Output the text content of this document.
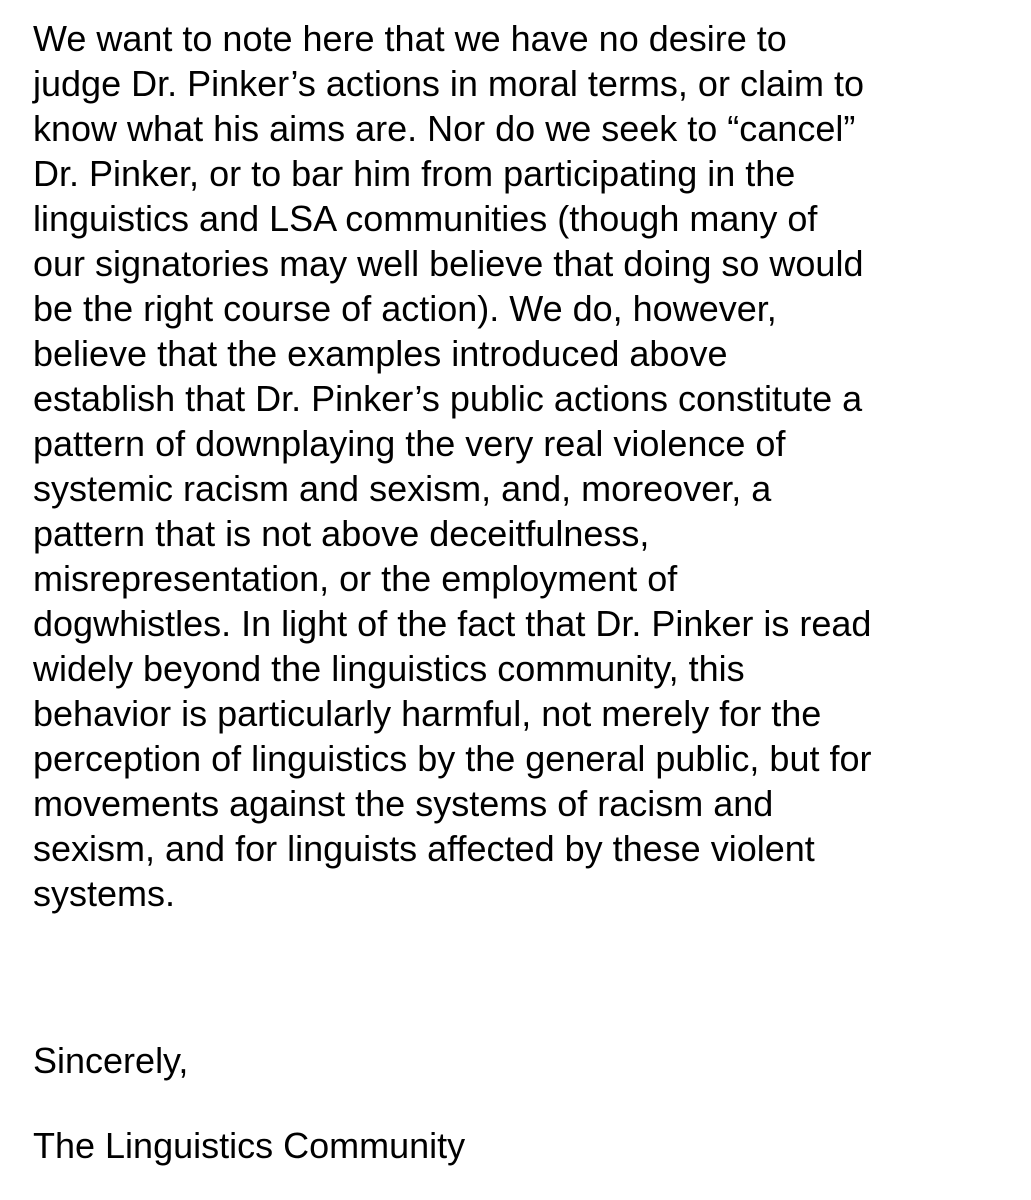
We want to note here that we have no desire to
judge Dr. Pinker’s actions in moral terms, or claim to
know what his aims are. Nor do we seek to “cancel”
Dr. Pinker, or to bar him from participating in the
linguistics and LSA communities (though many of
our signatories may well believe that doing so would
be the right course of action). We do, however,
believe that the examples introduced above
establish that Dr. Pinker’s public actions constitute a
pattern of downplaying the very real violence of
systemic racism and sexism, and, moreover, a
pattern that is not above deceitfulness,
misrepresentation, or the employment of
dogwhistles. In light of the fact that Dr. Pinker is read
widely beyond the linguistics community, this
behavior is particularly harmful, not merely for the
perception of linguistics by the general public, but for
movements against the systems of racism and
sexism, and for linguists affected by these violent
systems.
Sincerely,
The Linguistics Community
